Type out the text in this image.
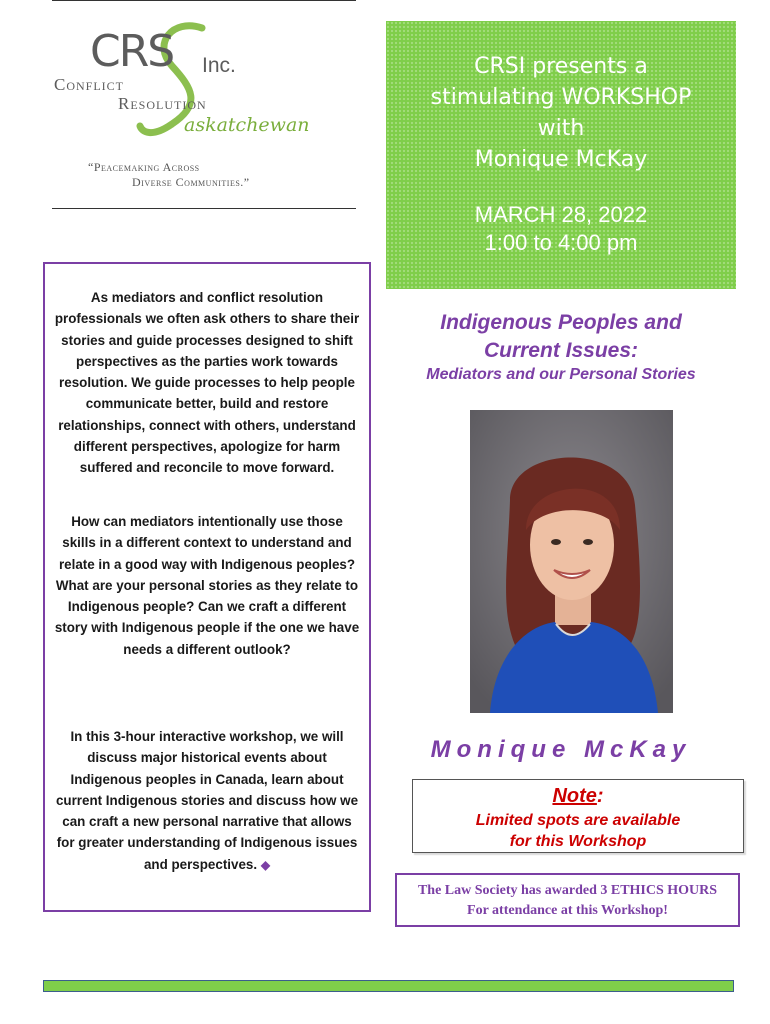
CRS Inc.
Conflict
Resolution
askatchewan
“Peacemaking Across
Diverse Communities.”
CRSI presents a
stimulating WORKSHOP
with
Monique McKay
MARCH 28, 2022
1:00 to 4:00 pm
As mediators and conflict resolution professionals we often ask others to share their stories and guide processes designed to shift perspectives as the parties work towards resolution. We guide processes to help people communicate better, build and restore relationships, connect with others, understand different perspectives, apologize for harm suffered and reconcile to move forward.
How can mediators intentionally use those skills in a different context to understand and relate in a good way with Indigenous peoples? What are your personal stories as they relate to Indigenous people? Can we craft a different story with Indigenous people if the one we have needs a different outlook?
In this 3-hour interactive workshop, we will discuss major historical events about Indigenous peoples in Canada, learn about current Indigenous stories and discuss how we can craft a new personal narrative that allows for greater understanding of Indigenous issues and perspectives. ◆
Indigenous Peoples and
Current Issues:
Mediators and our Personal Stories
Monique McKay
Note:
Limited spots are available
for this Workshop
The Law Society has awarded 3 ETHICS HOURS
For attendance at this Workshop!
